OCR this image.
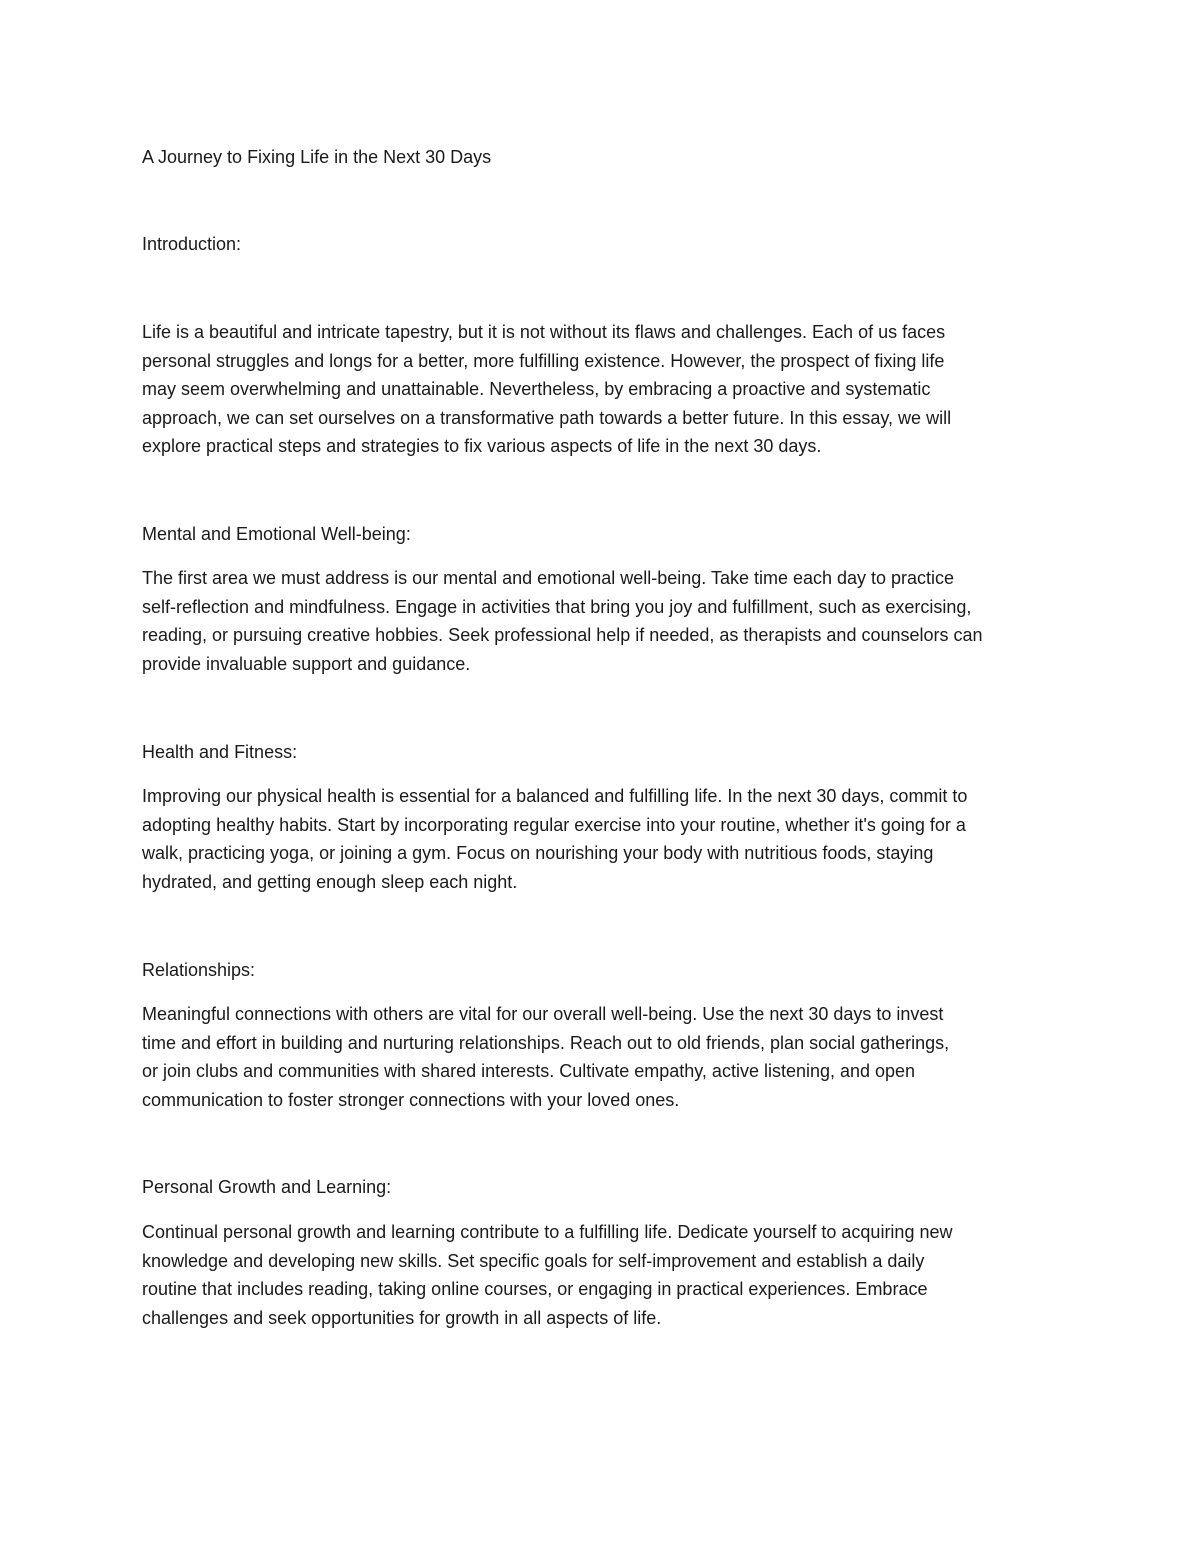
A Journey to Fixing Life in the Next 30 Days
Introduction:

Life is a beautiful and intricate tapestry, but it is not without its flaws and challenges. Each of us faces
personal struggles and longs for a better, more fulfilling existence. However, the prospect of fixing life
may seem overwhelming and unattainable. Nevertheless, by embracing a proactive and systematic
approach, we can set ourselves on a transformative path towards a better future. In this essay, we will
explore practical steps and strategies to fix various aspects of life in the next 30 days.

Mental and Emotional Well-being:

The first area we must address is our mental and emotional well-being. Take time each day to practice
self-reflection and mindfulness. Engage in activities that bring you joy and fulfillment, such as exercising,
reading, or pursuing creative hobbies. Seek professional help if needed, as therapists and counselors can
provide invaluable support and guidance.

Health and Fitness:

Improving our physical health is essential for a balanced and fulfilling life. In the next 30 days, commit to
adopting healthy habits. Start by incorporating regular exercise into your routine, whether it's going for a
walk, practicing yoga, or joining a gym. Focus on nourishing your body with nutritious foods, staying
hydrated, and getting enough sleep each night.

Relationships:

Meaningful connections with others are vital for our overall well-being. Use the next 30 days to invest
time and effort in building and nurturing relationships. Reach out to old friends, plan social gatherings,
or join clubs and communities with shared interests. Cultivate empathy, active listening, and open
communication to foster stronger connections with your loved ones.

Personal Growth and Learning:

Continual personal growth and learning contribute to a fulfilling life. Dedicate yourself to acquiring new
knowledge and developing new skills. Set specific goals for self-improvement and establish a daily
routine that includes reading, taking online courses, or engaging in practical experiences. Embrace
challenges and seek opportunities for growth in all aspects of life.
